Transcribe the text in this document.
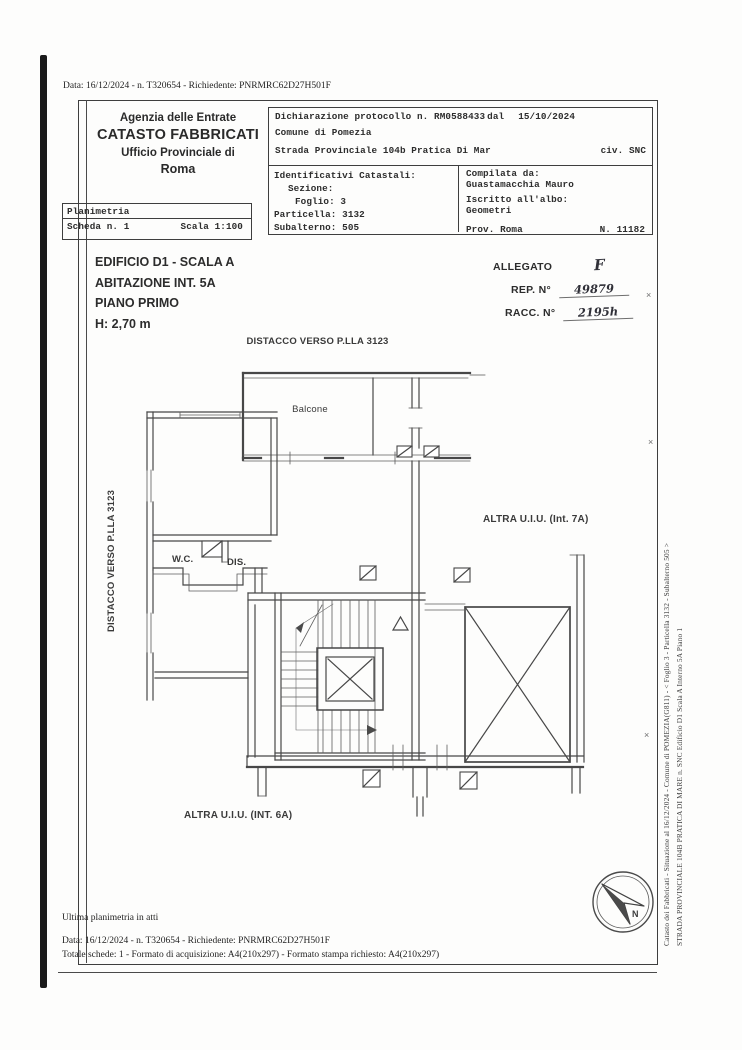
Data: 16/12/2024 - n. T320654 - Richiedente: PNRMRC62D27H501F
Agenzia delle Entrate
CATASTO FABBRICATI
Ufficio Provinciale di
Roma
Dichiarazione protocollo n. RM0588433 dal 15/10/2024
Comune di Pomezia
Strada Provinciale 104b Pratica Di Mar	civ. SNC
Identificativi Catastali:
Sezione:
Foglio: 3
Particella: 3132
Subalterno: 505
Compilata da:
Guastamacchia Mauro
Iscritto all'albo:
Geometri
Prov. Roma	N. 11182
Planimetria
Scheda n. 1	Scala 1:100
EDIFICIO D1 - SCALA A
ABITAZIONE INT. 5A
PIANO PRIMO
H: 2,70 m
ALLEGATO	F
REP. N° 49879
RACC. N° 2195h
DISTACCO VERSO P.LLA 3123
Balcone
DISTACCO VERSO P.LLA 3123	W.C.	DIS.
ALTRA U.I.U. (Int. 7A)
ALTRA U.I.U. (INT. 6A)
N
×
×
×
Ultima planimetria in atti
Data: 16/12/2024 - n. T320654 - Richiedente: PNRMRC62D27H501F
Totale schede: 1 - Formato di acquisizione: A4(210x297) - Formato stampa richiesto: A4(210x297)
Catasto dei Fabbricati - Situazione al 16/12/2024 - Comune di POMEZIA(G811) - < Foglio 3 - Particella 3132 - Subalterno 505 > STRADA PROVINCIALE 104B PRATICA DI MARE n. SNC Edificio D1 Scala A Interno 5A Piano 1
